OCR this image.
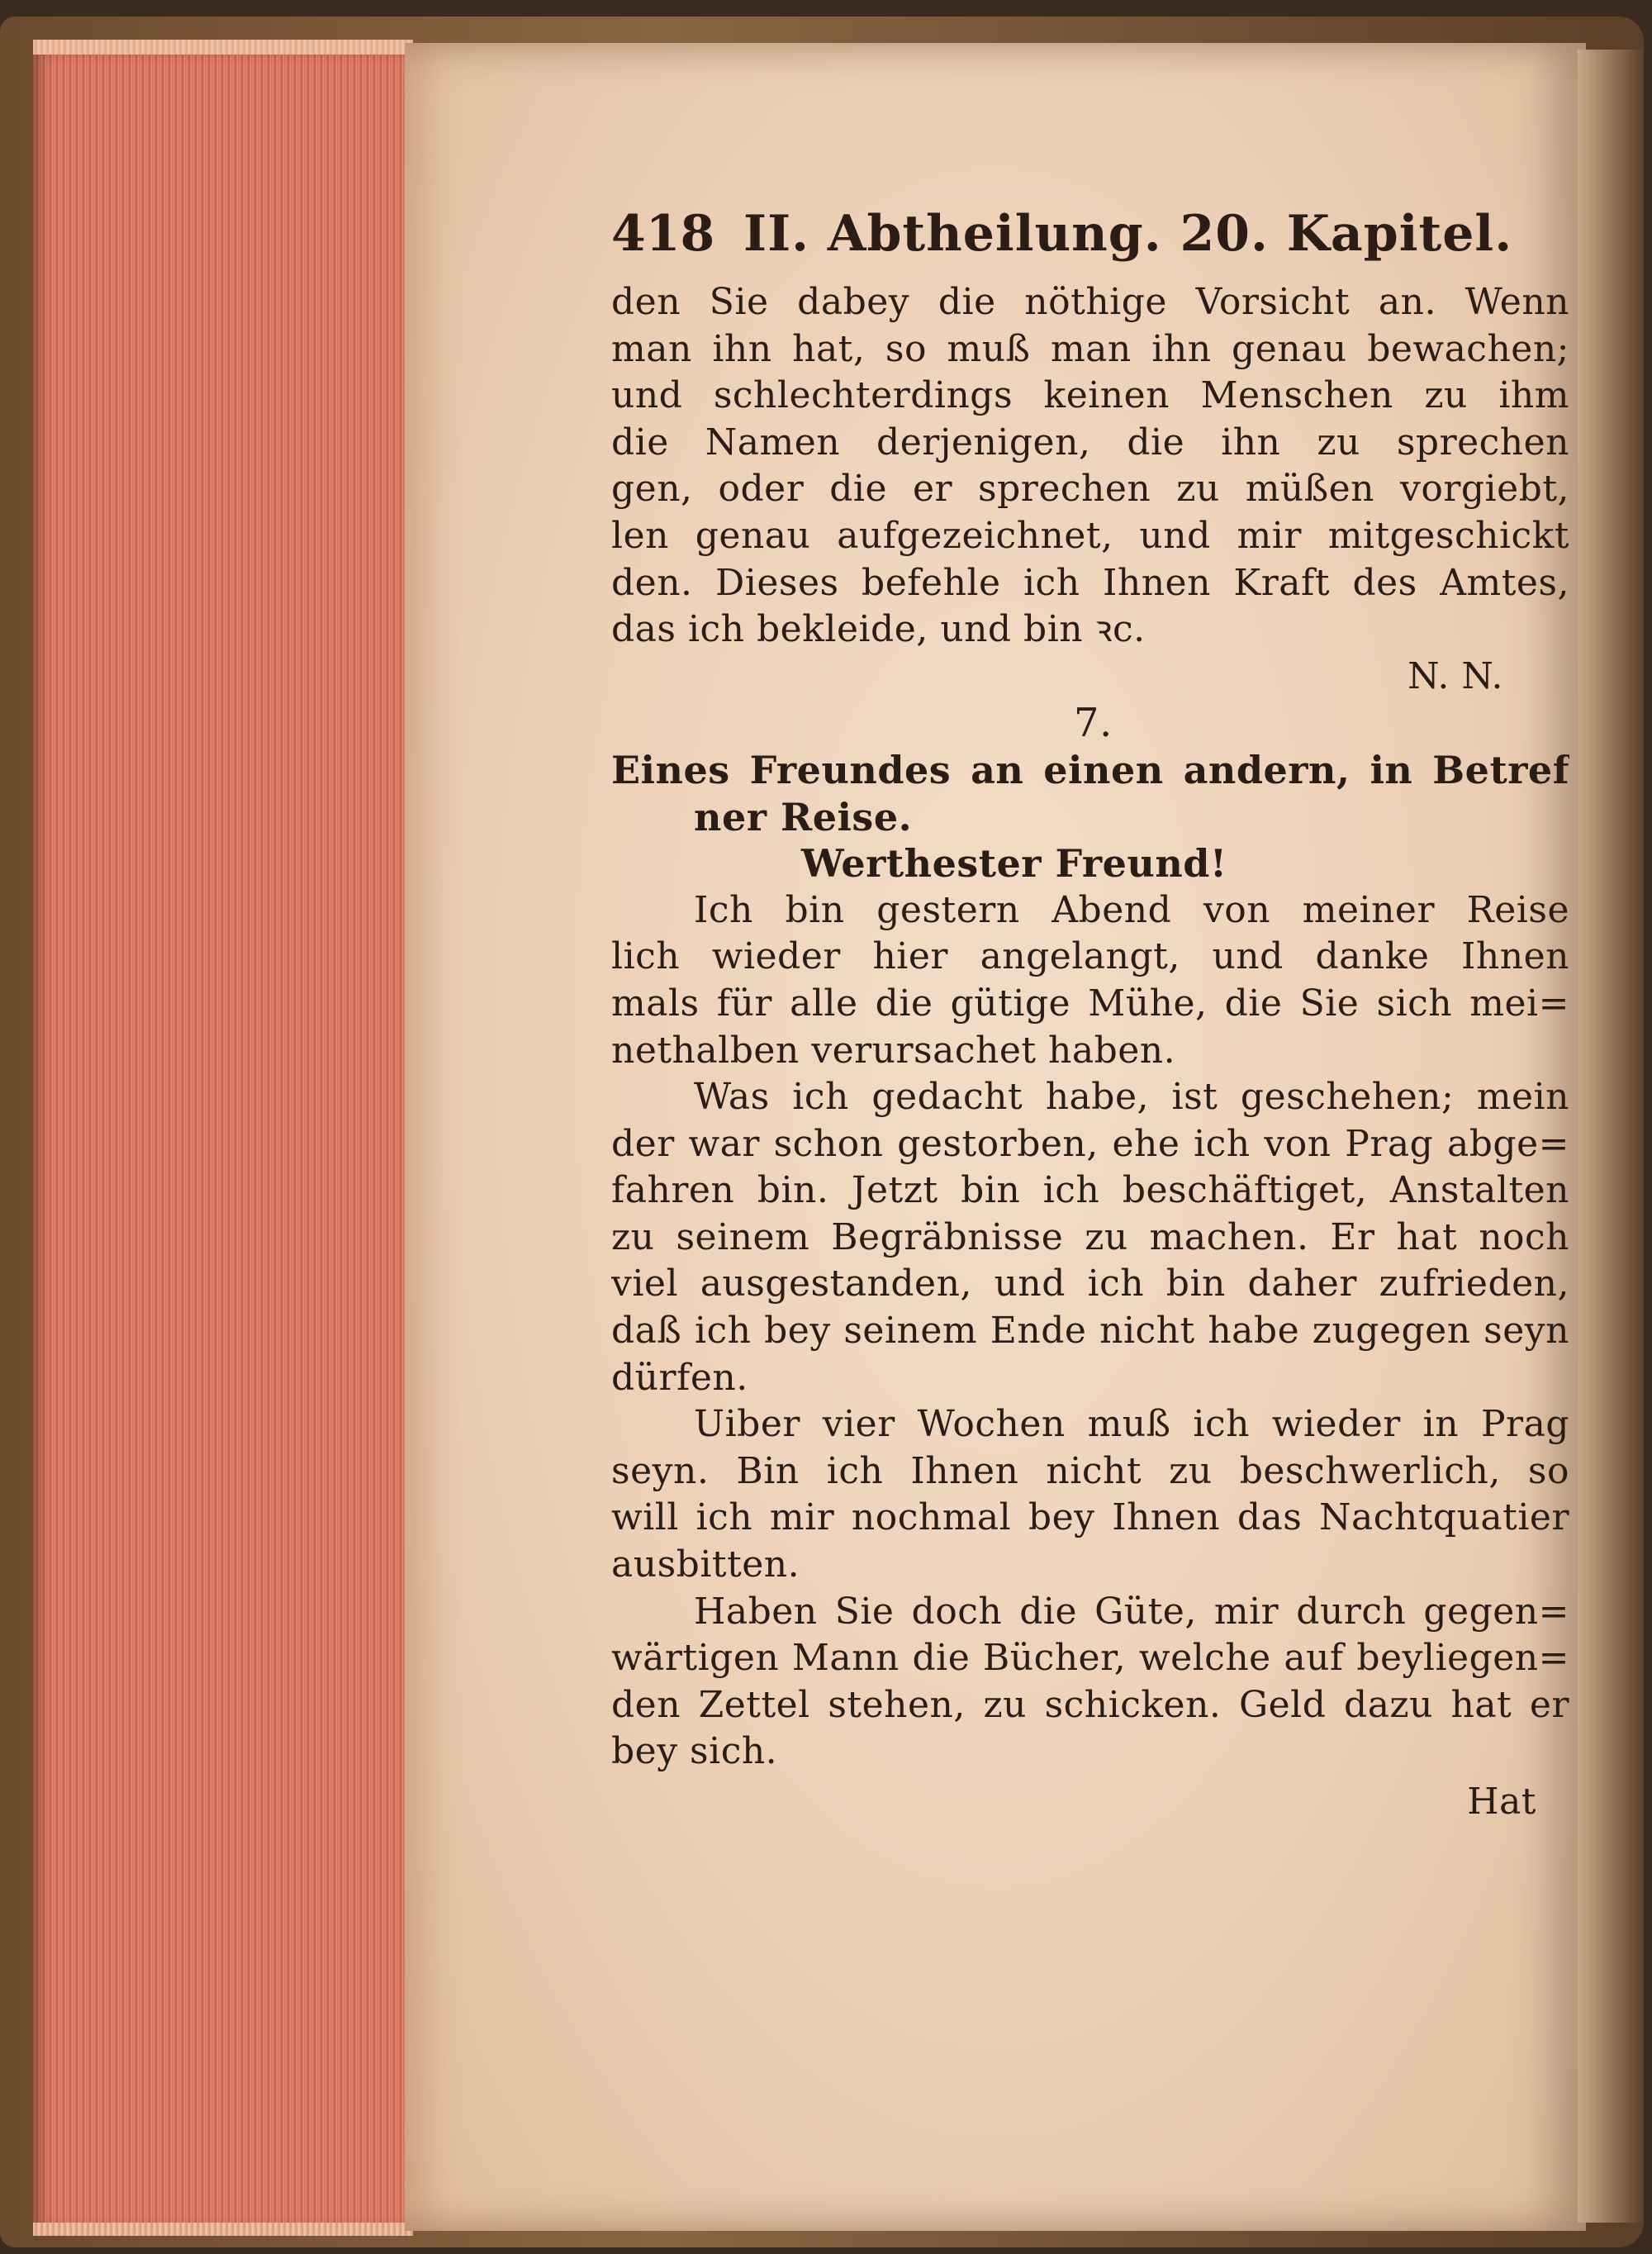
418 II. Abtheilung. 20. Kapitel.
den Sie dabey die nöthige Vorsicht an. Wenn
man ihn hat, so muß man ihn genau bewachen;
und schlechterdings keinen Menschen zu ihm
die Namen derjenigen, die ihn zu sprechen
gen, oder die er sprechen zu müßen vorgiebt,
len genau aufgezeichnet, und mir mitgeschickt
den. Dieses befehle ich Ihnen Kraft des Amtes,
das ich bekleide, und bin ꝛc.
N. N.
7.
Eines Freundes an einen andern, in Betref
ner Reise.
Werthester Freund!
Ich bin gestern Abend von meiner Reise
lich wieder hier angelangt, und danke Ihnen
mals für alle die gütige Mühe, die Sie sich mei=
nethalben verursachet haben.
Was ich gedacht habe, ist geschehen; mein
der war schon gestorben, ehe ich von Prag abge=
fahren bin. Jetzt bin ich beschäftiget, Anstalten
zu seinem Begräbnisse zu machen. Er hat noch
viel ausgestanden, und ich bin daher zufrieden,
daß ich bey seinem Ende nicht habe zugegen seyn
dürfen.
Uiber vier Wochen muß ich wieder in Prag
seyn. Bin ich Ihnen nicht zu beschwerlich, so
will ich mir nochmal bey Ihnen das Nachtquatier
ausbitten.
Haben Sie doch die Güte, mir durch gegen=
wärtigen Mann die Bücher, welche auf beyliegen=
den Zettel stehen, zu schicken. Geld dazu hat er
bey sich.
Hat
